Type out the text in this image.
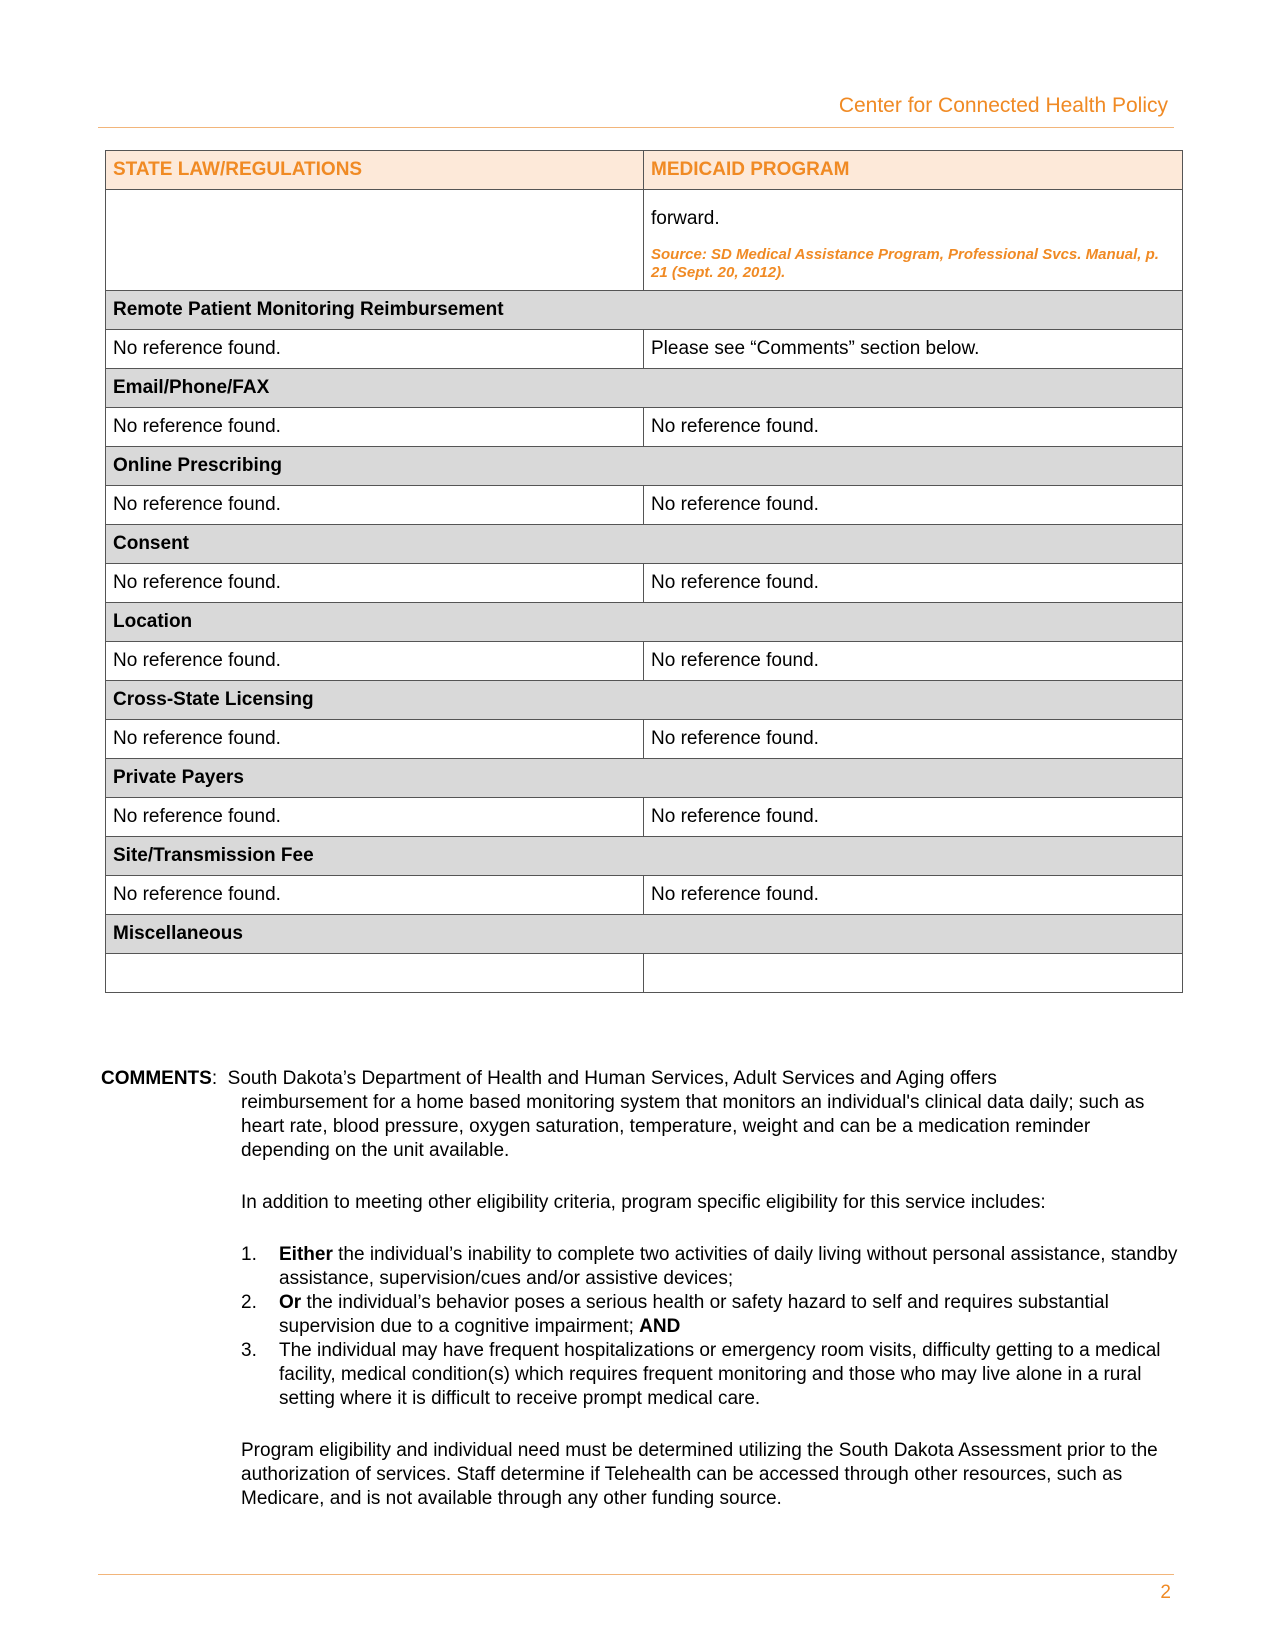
Center for Connected Health Policy
STATE LAW/REGULATIONS	MEDICAID PROGRAM

	forward.
Source: SD Medical Assistance Program, Professional Svcs. Manual, p. 21 (Sept. 20, 2012).

Remote Patient Monitoring Reimbursement	
No reference found.	Please see “Comments” section below.
Email/Phone/FAX	
No reference found.	No reference found.
Online Prescribing	
No reference found.	No reference found.
Consent	
No reference found.	No reference found.
Location	
No reference found.	No reference found.
Cross-State Licensing	
No reference found.	No reference found.
Private Payers	
No reference found.	No reference found.
Site/Transmission Fee	
No reference found.	No reference found.
Miscellaneous	

COMMENTS:  South Dakota’s Department of Health and Human Services, Adult Services and Aging offers

reimbursement for a home based monitoring system that monitors an individual's clinical data daily; such as heart rate, blood pressure, oxygen saturation, temperature, weight and can be a medication reminder depending on the unit available.

In addition to meeting other eligibility criteria, program specific eligibility for this service includes:

1. Either the individual’s inability to complete two activities of daily living without personal assistance, standby assistance, supervision/cues and/or assistive devices;
2. Or the individual’s behavior poses a serious health or safety hazard to self and requires substantial supervision due to a cognitive impairment; AND
3. The individual may have frequent hospitalizations or emergency room visits, difficulty getting to a medical facility, medical condition(s) which requires frequent monitoring and those who may live alone in a rural setting where it is difficult to receive prompt medical care.

Program eligibility and individual need must be determined utilizing the South Dakota Assessment prior to the authorization of services. Staff determine if Telehealth can be accessed through other resources, such as Medicare, and is not available through any other funding source.

2
